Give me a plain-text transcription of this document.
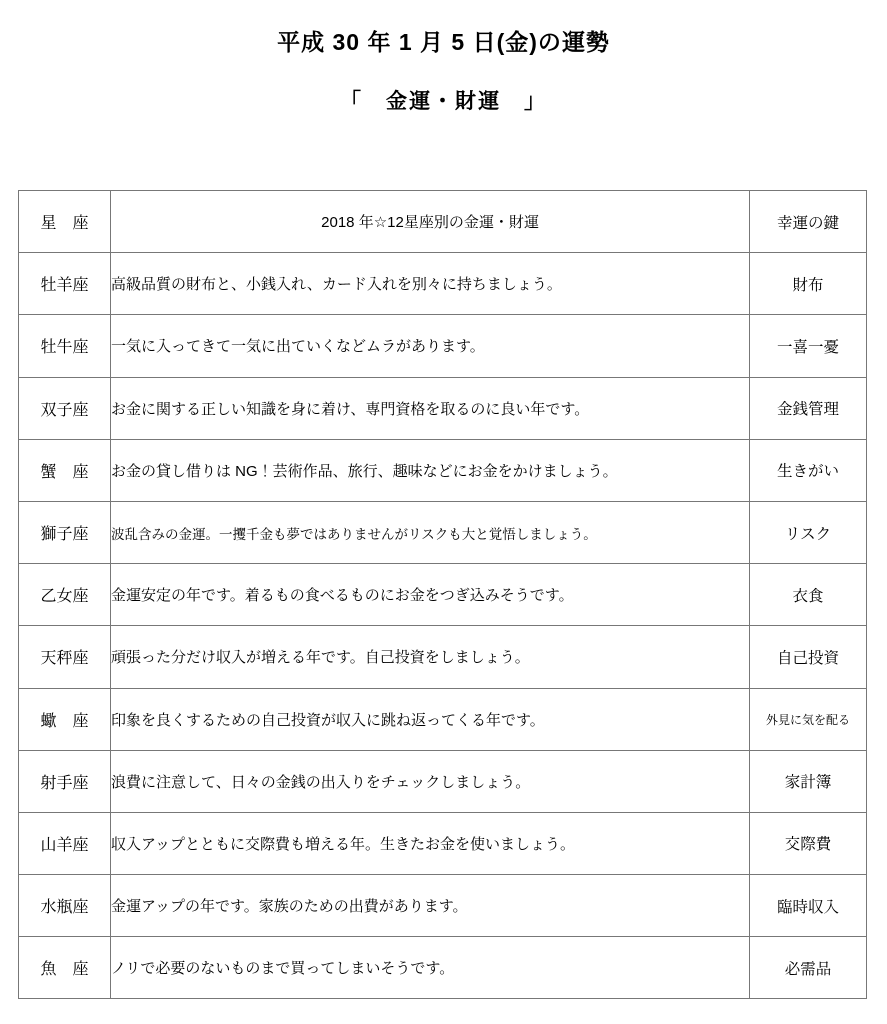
平成 30 年 1 月 5 日(金)の運勢
「　金運・財運　」
星　座	2018 年☆12星座別の金運・財運	幸運の鍵
牡羊座	高級品質の財布と、小銭入れ、カード入れを別々に持ちましょう。	財布
牡牛座	一気に入ってきて一気に出ていくなどムラがあります。	一喜一憂
双子座	お金に関する正しい知識を身に着け、専門資格を取るのに良い年です。	金銭管理
蟹　座	お金の貸し借りは NG！芸術作品、旅行、趣味などにお金をかけましょう。	生きがい
獅子座	波乱含みの金運。一攫千金も夢ではありませんがリスクも大と覚悟しましょう。	リスク
乙女座	金運安定の年です。着るもの食べるものにお金をつぎ込みそうです。	衣食
天秤座	頑張った分だけ収入が増える年です。自己投資をしましょう。	自己投資
蠍　座	印象を良くするための自己投資が収入に跳ね返ってくる年です。	外見に気を配る
射手座	浪費に注意して、日々の金銭の出入りをチェックしましょう。	家計簿
山羊座	収入アップとともに交際費も増える年。生きたお金を使いましょう。	交際費
水瓶座	金運アップの年です。家族のための出費があります。	臨時収入
魚　座	ノリで必要のないものまで買ってしまいそうです。	必需品
